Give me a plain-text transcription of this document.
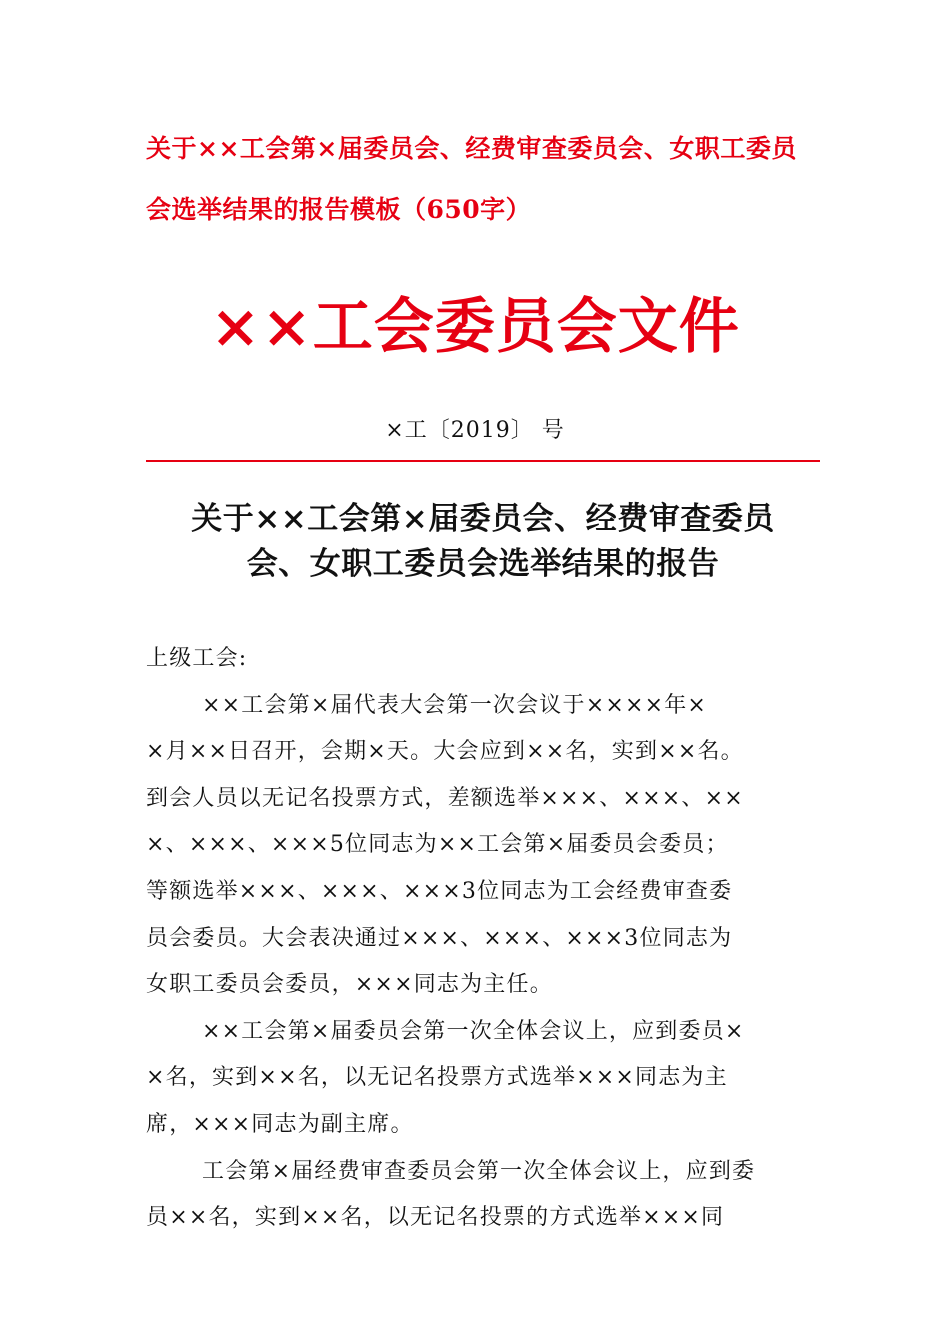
关于××工会第×届委员会、经费审查委员会、女职工委员

会选举结果的报告模板（650字）

××工会委员会文件
×工〔2019〕 号

关于××工会第×届委员会、经费审查委员

会、女职工委员会选举结果的报告

上级工会:

××工会第×届代表大会第一次会议于××××年×

×月××日召开，会期×天。大会应到××名，实到××名。

到会人员以无记名投票方式，差额选举×××、×××、××

×、×××、×××5位同志为××工会第×届委员会委员；

等额选举×××、×××、×××3位同志为工会经费审查委

员会委员。大会表决通过×××、×××、×××3位同志为

女职工委员会委员，×××同志为主任。

××工会第×届委员会第一次全体会议上，应到委员×

×名，实到××名，以无记名投票方式选举×××同志为主

席，×××同志为副主席。

工会第×届经费审查委员会第一次全体会议上，应到委

员××名，实到××名，以无记名投票的方式选举×××同
